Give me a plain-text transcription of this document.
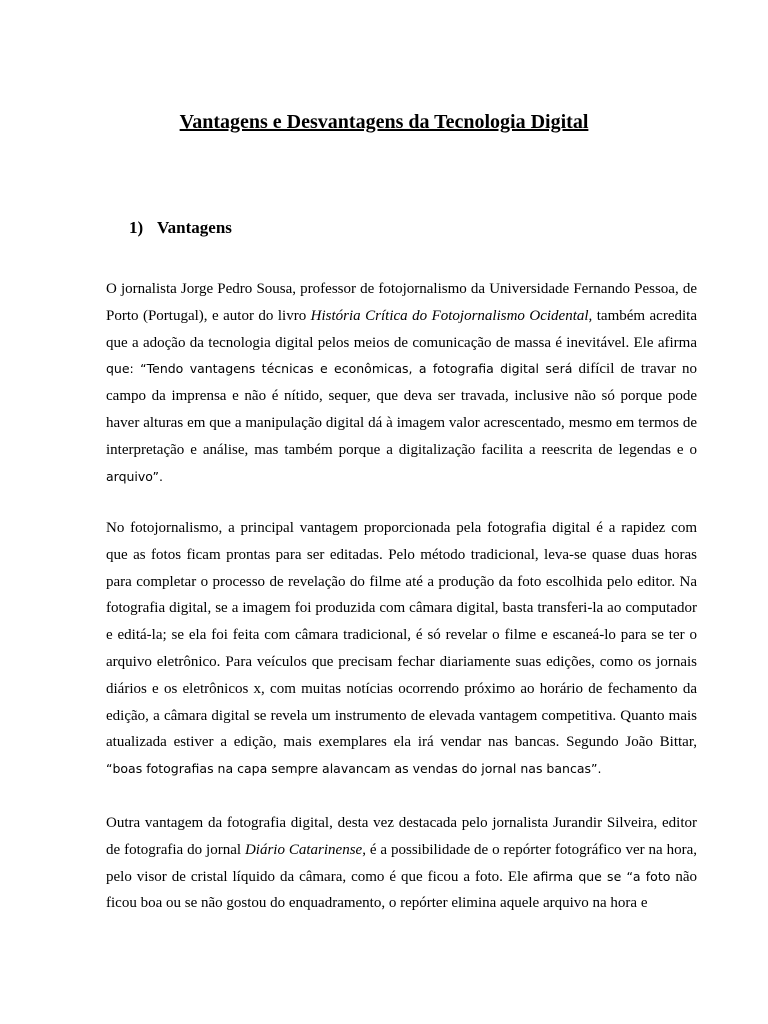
Vantagens e Desvantagens da Tecnologia Digital
1) Vantagens

O jornalista Jorge Pedro Sousa, professor de fotojornalismo da Universidade Fernando Pessoa, de Porto (Portugal), e autor do livro História Crítica do Fotojornalismo Ocidental, também acredita que a adoção da tecnologia digital pelos meios de comunicação de massa é inevitável. Ele afirma que: “Tendo vantagens técnicas e econômicas, a fotografia digital será difícil de travar no campo da imprensa e não é nítido, sequer, que deva ser travada, inclusive não só porque pode haver alturas em que a manipulação digital dá à imagem valor acrescentado, mesmo em termos de interpretação e análise, mas também porque a digitalização facilita a reescrita de legendas e o arquivo”.

No fotojornalismo, a principal vantagem proporcionada pela fotografia digital é a rapidez com que as fotos ficam prontas para ser editadas. Pelo método tradicional, leva-se quase duas horas para completar o processo de revelação do filme até a produção da foto escolhida pelo editor. Na fotografia digital, se a imagem foi produzida com câmara digital, basta transferi-la ao computador e editá-la; se ela foi feita com câmara tradicional, é só revelar o filme e escaneá-lo para se ter o arquivo eletrônico. Para veículos que precisam fechar diariamente suas edições, como os jornais diários e os eletrônicos x, com muitas notícias ocorrendo próximo ao horário de fechamento da edição, a câmara digital se revela um instrumento de elevada vantagem competitiva. Quanto mais atualizada estiver a edição, mais exemplares ela irá vendar nas bancas. Segundo João Bittar, “boas fotografias na capa sempre alavancam as vendas do jornal nas bancas”.

Outra vantagem da fotografia digital, desta vez destacada pelo jornalista Jurandir Silveira, editor de fotografia do jornal Diário Catarinense, é a possibilidade de o repórter fotográfico ver na hora, pelo visor de cristal líquido da câmara, como é que ficou a foto. Ele afirma que se “a foto não ficou boa ou se não gostou do enquadramento, o repórter elimina aquele arquivo na hora e
